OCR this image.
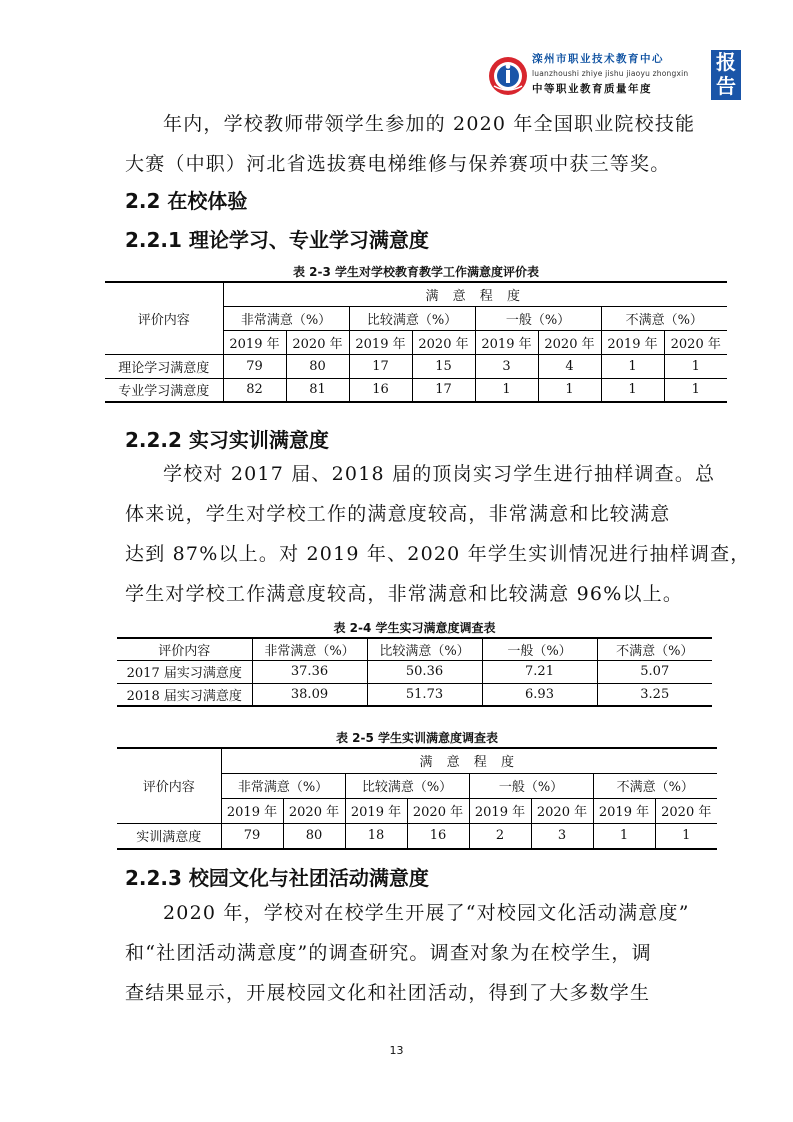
滦州市职业技术教育中心
luanzhoushi zhiye jishu jiaoyu zhongxin
中等职业教育质量年度
报
告
年内，学校教师带领学生参加的 2020 年全国职业院校技能
大赛（中职）河北省选拔赛电梯维修与保养赛项中获三等奖。
2.2 在校体验
2.2.1 理论学习、专业学习满意度
表 2-3 学生对学校教育教学工作满意度评价表
评价内容	满 意 程 度							
	非常满意（%）		比较满意（%）		一般（%）		不满意（%）	
	2019 年	2020 年	2019 年	2020 年	2019 年	2020 年	2019 年	2020 年
理论学习满意度	79	80	17	15	3	4	1	1
专业学习满意度	82	81	16	17	1	1	1	1
2.2.2 实习实训满意度
学校对 2017 届、2018 届的顶岗实习学生进行抽样调查。总
体来说，学生对学校工作的满意度较高，非常满意和比较满意
达到 87%以上。对 2019 年、2020 年学生实训情况进行抽样调查，
学生对学校工作满意度较高，非常满意和比较满意 96%以上。
表 2-4 学生实习满意度调查表
评价内容	非常满意（%）	比较满意（%）	一般（%）	不满意（%）
2017 届实习满意度	37.36	50.36	7.21	5.07
2018 届实习满意度	38.09	51.73	6.93	3.25
表 2-5 学生实训满意度调查表
评价内容	满 意 程 度							
	非常满意（%）		比较满意（%）		一般（%）		不满意（%）	
	2019 年	2020 年	2019 年	2020 年	2019 年	2020 年	2019 年	2020 年
实训满意度	79	80	18	16	2	3	1	1
2.2.3 校园文化与社团活动满意度
2020 年，学校对在校学生开展了“对校园文化活动满意度”
和“社团活动满意度”的调查研究。调查对象为在校学生，调
查结果显示，开展校园文化和社团活动，得到了大多数学生
13
